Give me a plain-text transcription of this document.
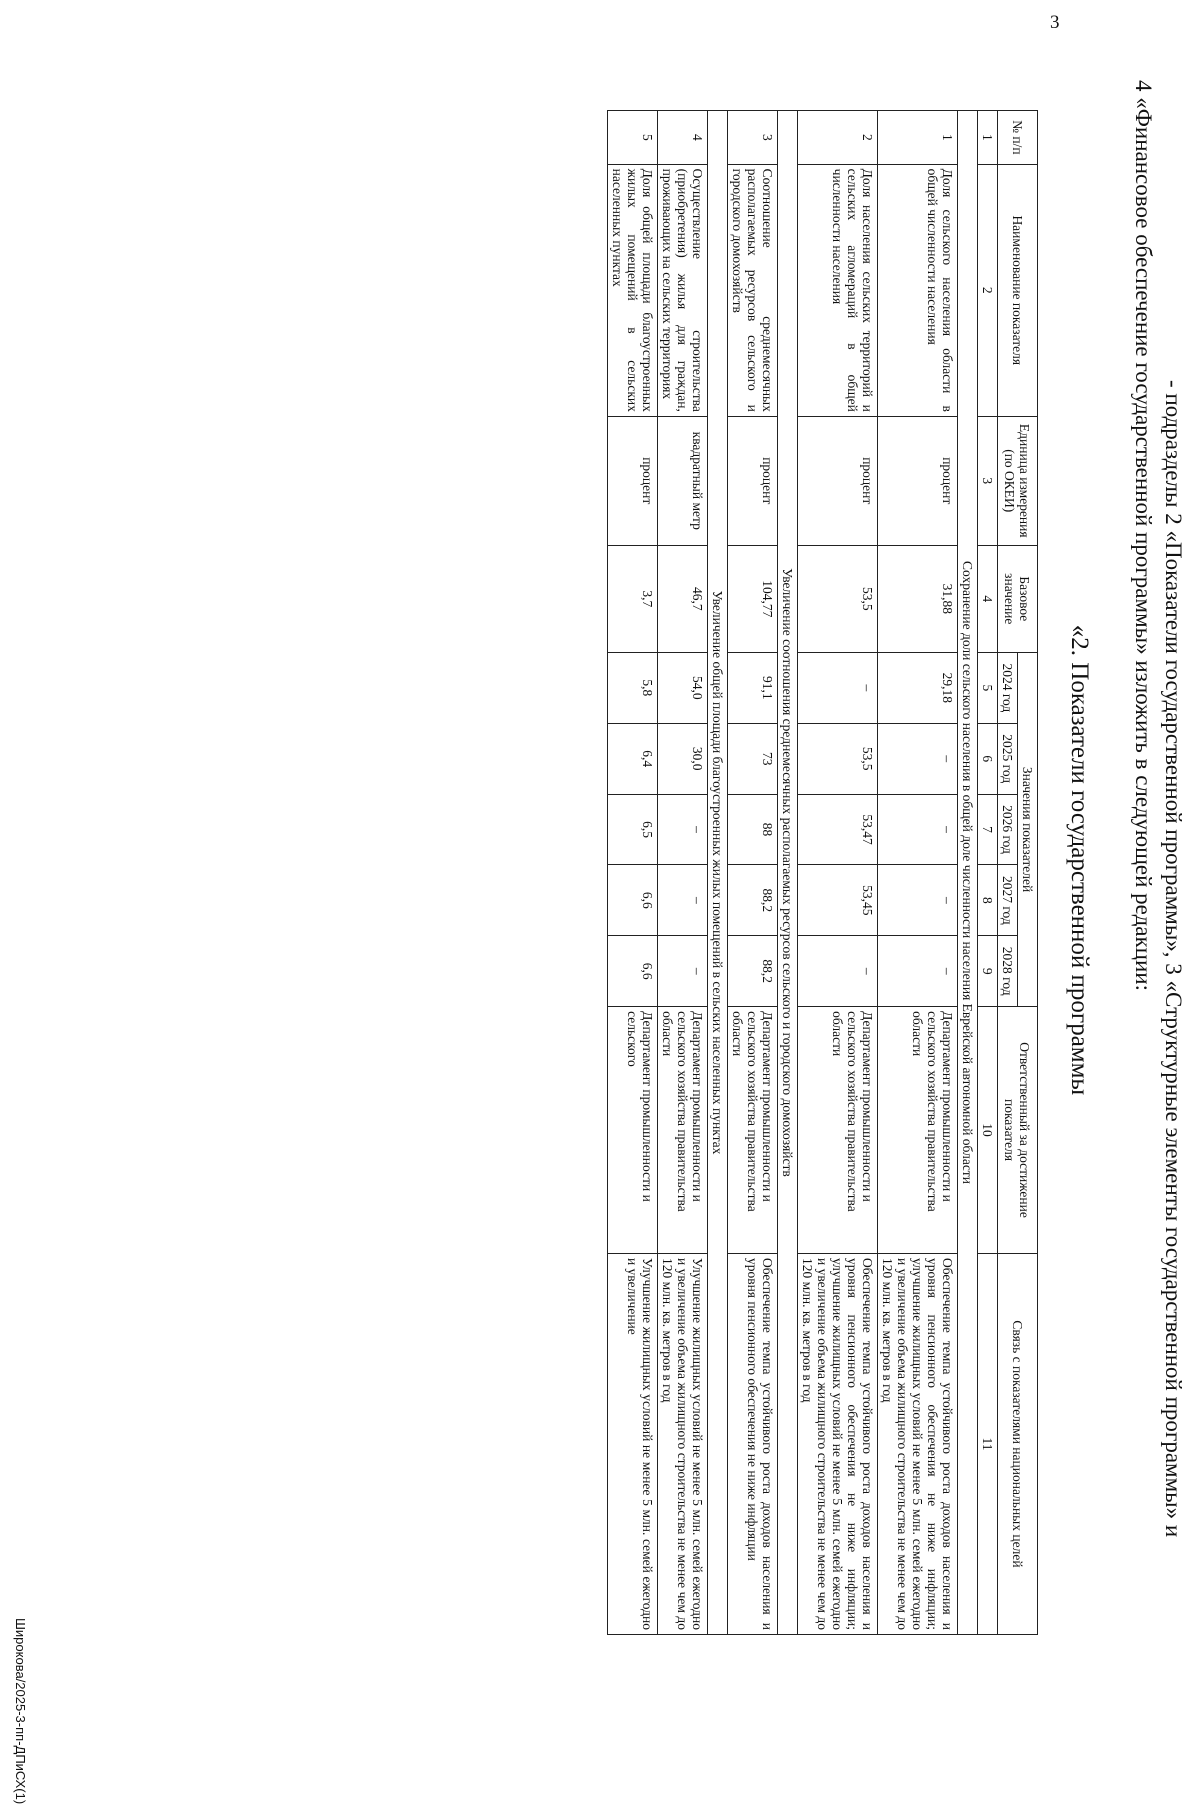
3
Широкова/2025-3-пп-ДПиСХ(1)

- подразделы 2 «Показатели государственной программы», 3 «Структурные элементы государственной программы» и

4 «Финансовое обеспечение государственной программы» изложить в следующей редакции:

«2. Показатели государственной программы
№ п/п	Наименование показателя	Единица измерения (по ОКЕИ)	Базовое значение	Значения показателей					Ответственный за достижение показателя	Связь с показателями национальных целей
				2024 год	2025 год	2026 год	2027 год	2028 год		
1	2	3	4	5	6	7	8	9	10	11
Сохранение доли сельского населения в общей доле численности населения Еврейской автономной области										
1	Доля сельского населения области в общей численности населения	процент	31,88	29,18	–	–	–	–	Департамент промышленности и сельского хозяйства правительства области	Обеспечение темпа устойчивого роста доходов населения и уровня пенсионного обеспечения не ниже инфляции; улучшение жилищных условий не менее 5 млн. семей ежегодно и увеличение объема жилищного строительства не менее чем до 120 млн. кв. метров в год
2	Доля населения сельских территорий и сельских агломераций в общей численности населения	процент	53,5	–	53,5	53,47	53,45	–	Департамент промышленности и сельского хозяйства правительства области	Обеспечение темпа устойчивого роста доходов населения и уровня пенсионного обеспечения не ниже инфляции; улучшение жилищных условий не менее 5 млн. семей ежегодно и увеличение объема жилищного строительства не менее чем до 120 млн. кв. метров в год
Увеличение соотношения среднемесячных располагаемых ресурсов сельского и городского домохозяйств										
3	Соотношение среднемесячных располагаемых ресурсов сельского и городского домохозяйств	процент	104,77	91,1	73	88	88,2	88,2	Департамент промышленности и сельского хозяйства правительства области	Обеспечение темпа устойчивого роста доходов населения и уровня пенсионного обеспечения не ниже инфляции
Увеличение общей площади благоустроенных жилых помещений в сельских населенных пунктах										
4	Осуществление строительства (приобретения) жилья для граждан, проживающих на сельских территориях	квадратный метр	46,7	54,0	30,0	–	–	–	Департамент промышленности и сельского хозяйства правительства области	Улучшение жилищных условий не менее 5 млн. семей ежегодно и увеличение объема жилищного строительства не менее чем до 120 млн. кв. метров в год
5	Доля общей площади благоустроенных жилых помещений в сельских населенных пунктах	процент	3,7	5,8	6,4	6,5	6,6	6,6	Департамент промышленности и сельского	Улучшение жилищных условий не менее 5 млн. семей ежегодно и увеличение
